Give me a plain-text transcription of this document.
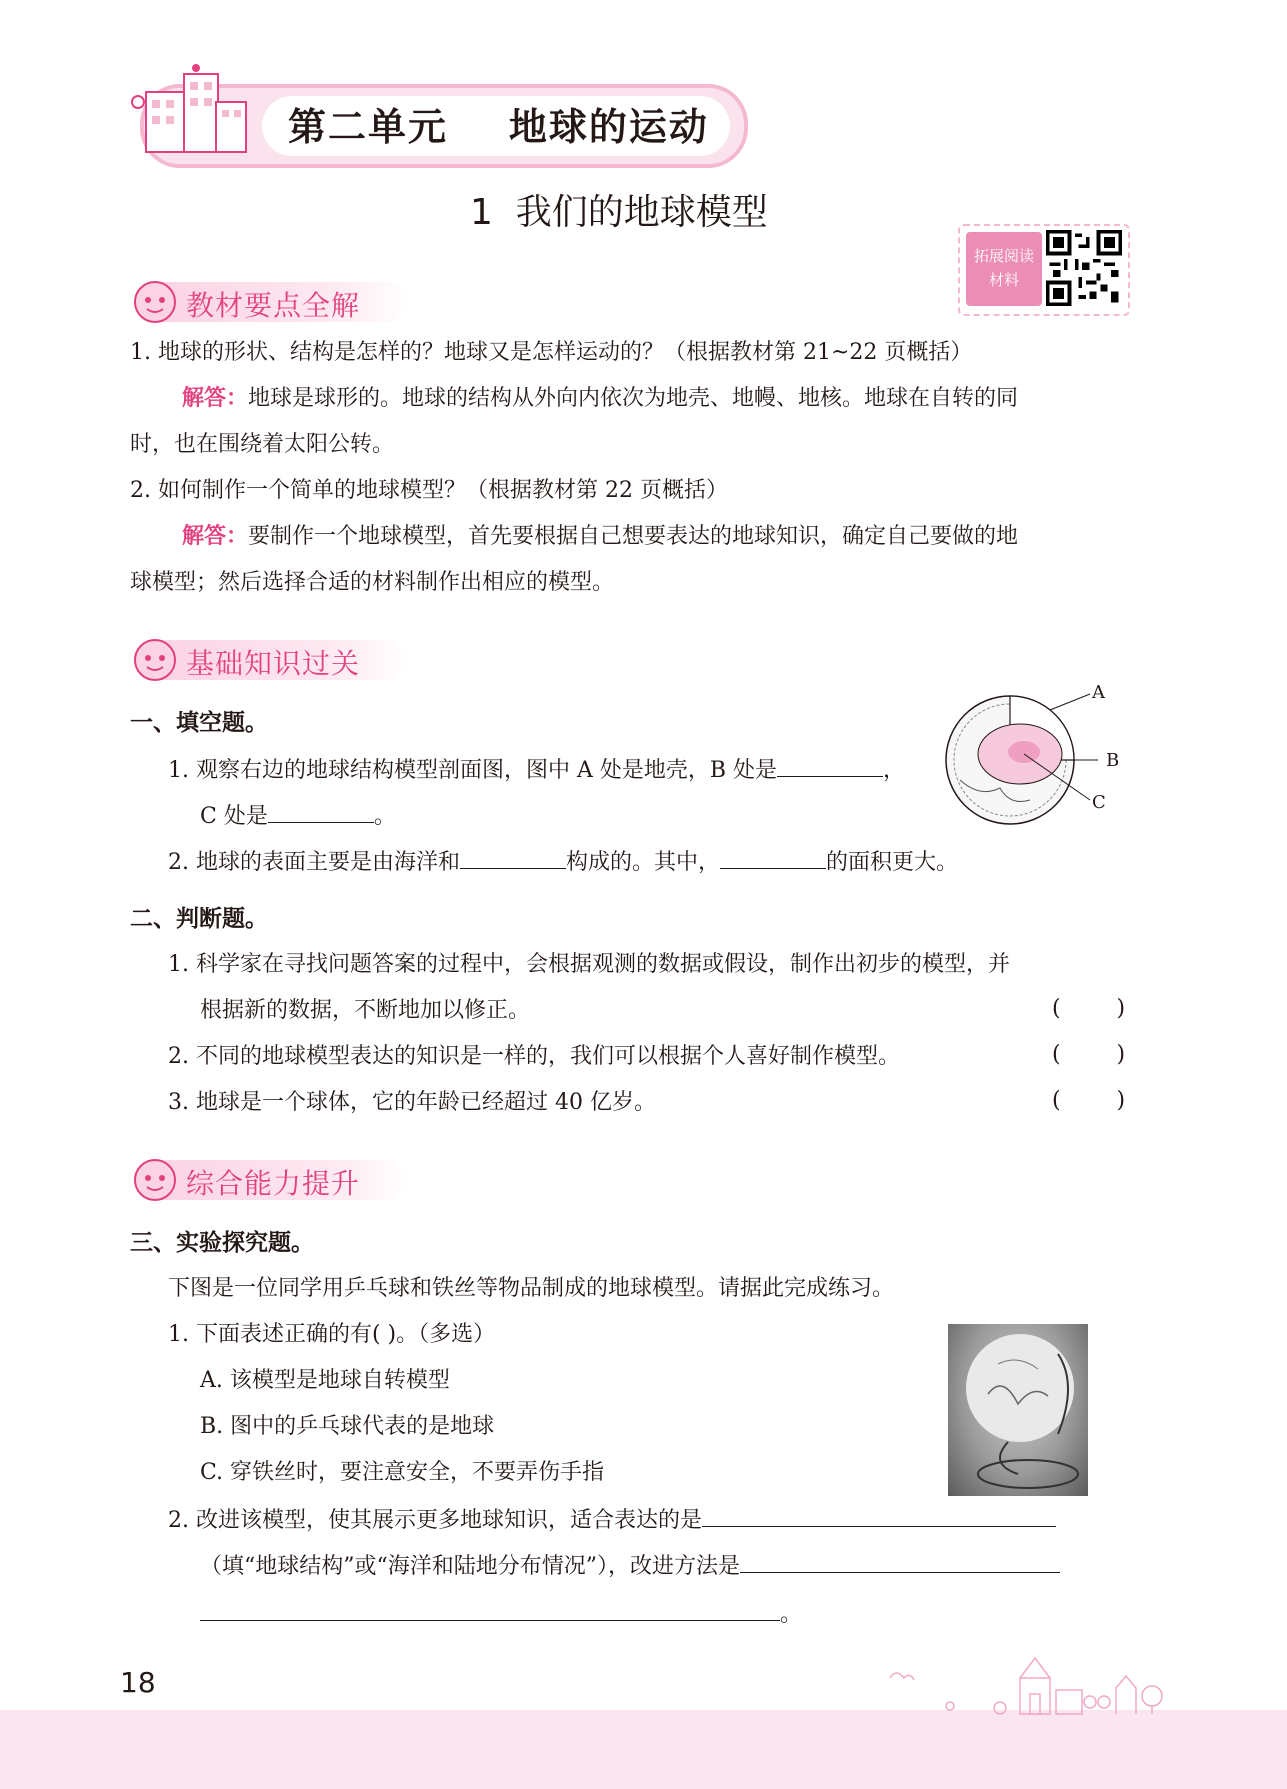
第二单元    地球的运动
1  我们的地球模型
拓展阅读
材料
教材要点全解
1. 地球的形状、结构是怎样的？地球又是怎样运动的？（根据教材第 21~22 页概括）
解答：地球是球形的。地球的结构从外向内依次为地壳、地幔、地核。地球在自转的同
时，也在围绕着太阳公转。
2. 如何制作一个简单的地球模型？（根据教材第 22 页概括）
解答：要制作一个地球模型，首先要根据自己想要表达的地球知识，确定自己要做的地
球模型；然后选择合适的材料制作出相应的模型。
基础知识过关
一、填空题。
1. 观察右边的地球结构模型剖面图，图中 A 处是地壳，B 处是	，
C 处是	。
2. 地球的表面主要是由海洋和	构成的。其中，	的面积更大。
A
B
C
二、判断题。
1. 科学家在寻找问题答案的过程中，会根据观测的数据或假设，制作出初步的模型，并
根据新的数据，不断地加以修正。	(        )
2. 不同的地球模型表达的知识是一样的，我们可以根据个人喜好制作模型。	(        )
3. 地球是一个球体，它的年龄已经超过 40 亿岁。	(        )
综合能力提升
三、实验探究题。
下图是一位同学用乒乓球和铁丝等物品制成的地球模型。请据此完成练习。
1. 下面表述正确的有( )。（多选）
A. 该模型是地球自转模型
B. 图中的乒乓球代表的是地球
C. 穿铁丝时，要注意安全，不要弄伤手指
2. 改进该模型，使其展示更多地球知识，适合表达的是
（填“地球结构”或“海洋和陆地分布情况”），改进方法是
。
18
